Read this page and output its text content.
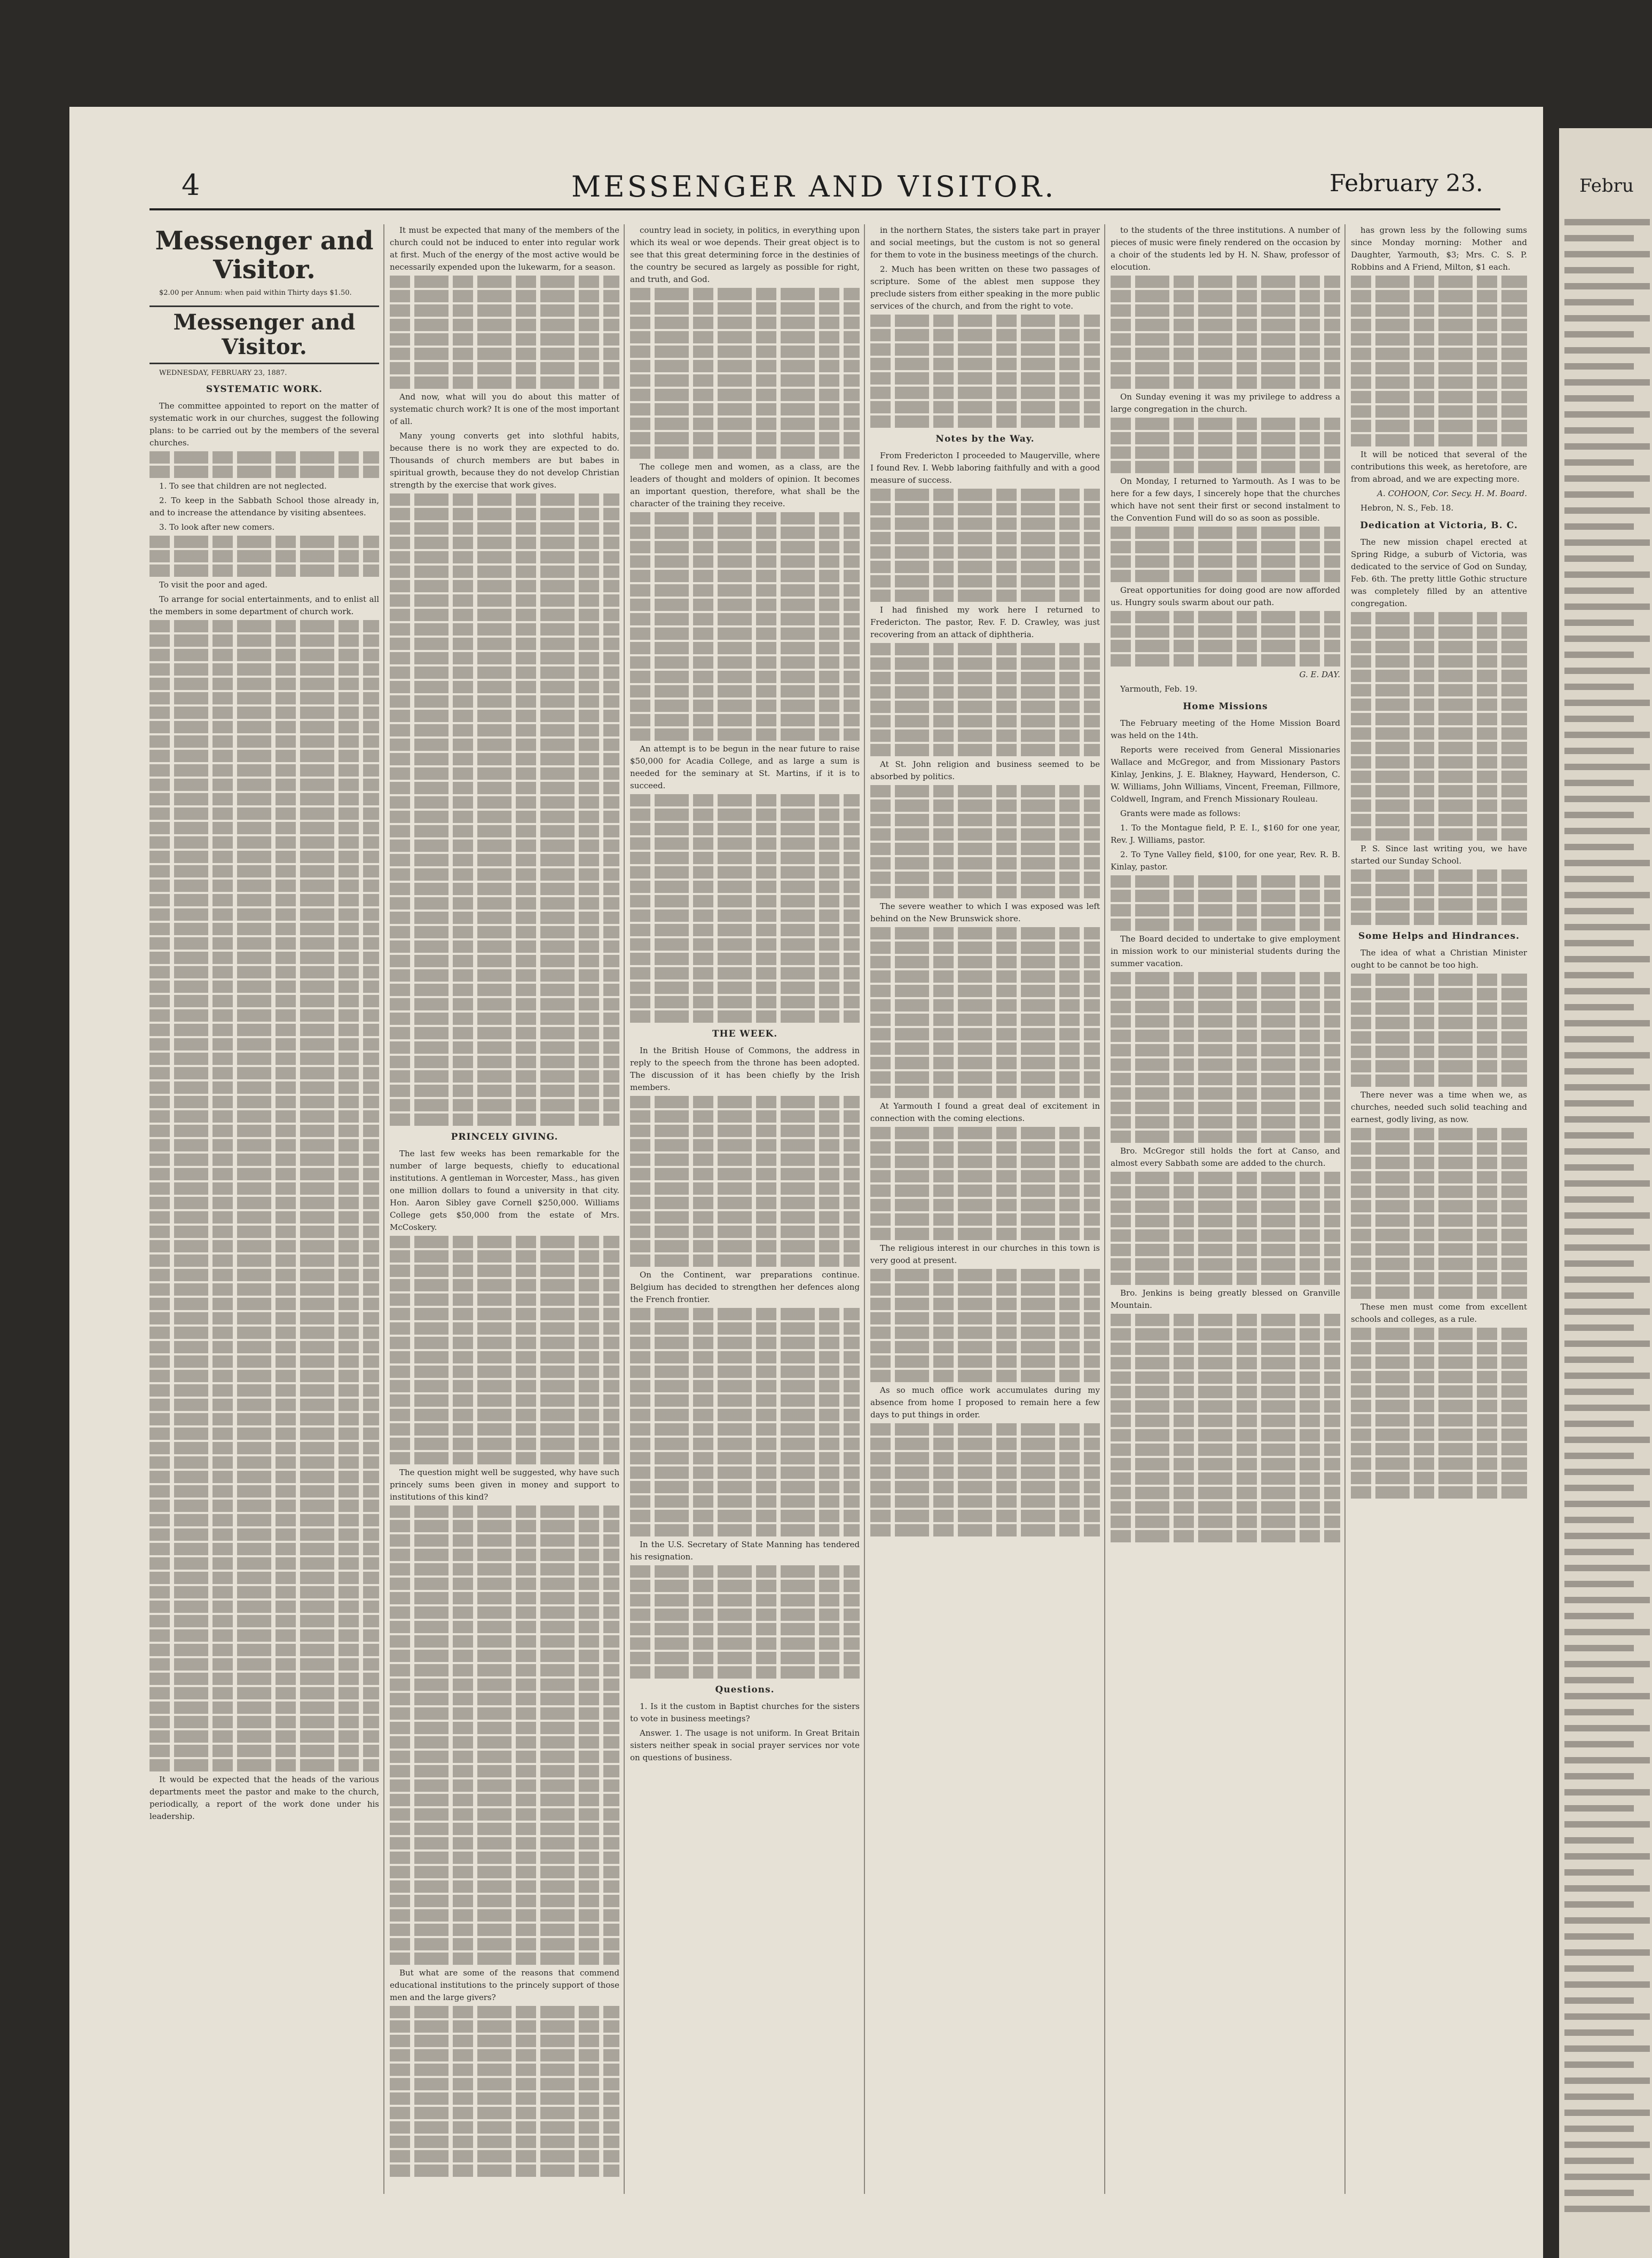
4	MESSENGER AND VISITOR.	February 23.
Messenger and Visitor.

$2.00 per Annum: when paid within Thirty days $1.50.

Messenger and Visitor.

WEDNESDAY, FEBRUARY 23, 1887.

SYSTEMATIC WORK.

The committee appointed to report on the matter of systematic work in our churches, suggest the following plans: to be carried out by the members of the several churches.

1. To see that children are not neglected.

2. To keep in the Sabbath School those already in, and to increase the attendance by visiting absentees.

3. To look after new comers.

To visit the poor and aged.

To arrange for social entertainments, and to enlist all the members in some department of church work.

It would be expected that the heads of the various departments meet the pastor and make to the church, periodically, a report of the work done under his leadership.

It must be expected that many of the members of the church could not be induced to enter into regular work at first. Much of the energy of the most active would be necessarily expended upon the lukewarm, for a season.

And now, what will you do about this matter of systematic church work? It is one of the most important of all.

Many young converts get into slothful habits, because there is no work they are expected to do. Thousands of church members are but babes in spiritual growth, because they do not develop Christian strength by the exercise that work gives.

PRINCELY GIVING.

The last few weeks has been remarkable for the number of large bequests, chiefly to educational institutions. A gentleman in Worcester, Mass., has given one million dollars to found a university in that city. Hon. Aaron Sibley gave Cornell $250,000. Williams College gets $50,000 from the estate of Mrs. McCoskery.

The question might well be suggested, why have such princely sums been given in money and support to institutions of this kind?

But what are some of the reasons that commend educational institutions to the princely support of those men and the large givers?

country lead in society, in politics, in everything upon which its weal or woe depends. Their great object is to see that this great determining force in the destinies of the country be secured as largely as possible for right, and truth, and God.

The college men and women, as a class, are the leaders of thought and molders of opinion. It becomes an important question, therefore, what shall be the character of the training they receive.

An attempt is to be begun in the near future to raise $50,000 for Acadia College, and as large a sum is needed for the seminary at St. Martins, if it is to succeed.

THE WEEK.

In the British House of Commons, the address in reply to the speech from the throne has been adopted. The discussion of it has been chiefly by the Irish members.

On the Continent, war preparations continue. Belgium has decided to strengthen her defences along the French frontier.

In the U.S. Secretary of State Manning has tendered his resignation.

Questions.

1. Is it the custom in Baptist churches for the sisters to vote in business meetings?

Answer. 1. The usage is not uniform. In Great Britain sisters neither speak in social prayer services nor vote on questions of business.

in the northern States, the sisters take part in prayer and social meetings, but the custom is not so general for them to vote in the business meetings of the church.

2. Much has been written on these two passages of scripture. Some of the ablest men suppose they preclude sisters from either speaking in the more public services of the church, and from the right to vote.

Notes by the Way.

From Fredericton I proceeded to Maugerville, where I found Rev. I. Webb laboring faithfully and with a good measure of success.

I had finished my work here I returned to Fredericton. The pastor, Rev. F. D. Crawley, was just recovering from an attack of diphtheria.

At St. John religion and business seemed to be absorbed by politics.

The severe weather to which I was exposed was left behind on the New Brunswick shore.

At Yarmouth I found a great deal of excitement in connection with the coming elections.

The religious interest in our churches in this town is very good at present.

As so much office work accumulates during my absence from home I proposed to remain here a few days to put things in order.

to the students of the three institutions. A number of pieces of music were finely rendered on the occasion by a choir of the students led by H. N. Shaw, professor of elocution.

On Sunday evening it was my privilege to address a large congregation in the church.

On Monday, I returned to Yarmouth. As I was to be here for a few days, I sincerely hope that the churches which have not sent their first or second instalment to the Convention Fund will do so as soon as possible.

Great opportunities for doing good are now afforded us. Hungry souls swarm about our path.

G. E. DAY.

Yarmouth, Feb. 19.

Home Missions

The February meeting of the Home Mission Board was held on the 14th.

Reports were received from General Missionaries Wallace and McGregor, and from Missionary Pastors Kinlay, Jenkins, J. E. Blakney, Hayward, Henderson, C. W. Williams, John Williams, Vincent, Freeman, Fillmore, Coldwell, Ingram, and French Missionary Rouleau.

Grants were made as follows:

1. To the Montague field, P. E. I., $160 for one year, Rev. J. Williams, pastor.

2. To Tyne Valley field, $100, for one year, Rev. R. B. Kinlay, pastor.

The Board decided to undertake to give employment in mission work to our ministerial students during the summer vacation.

Bro. McGregor still holds the fort at Canso, and almost every Sabbath some are added to the church.

Bro. Jenkins is being greatly blessed on Granville Mountain.

has grown less by the following sums since Monday morning: Mother and Daughter, Yarmouth, $3; Mrs. C. S. P. Robbins and A Friend, Milton, $1 each.

It will be noticed that several of the contributions this week, as heretofore, are from abroad, and we are expecting more.

A. COHOON, Cor. Secy. H. M. Board.

Hebron, N. S., Feb. 18.

Dedication at Victoria, B. C.

The new mission chapel erected at Spring Ridge, a suburb of Victoria, was dedicated to the service of God on Sunday, Feb. 6th. The pretty little Gothic structure was completely filled by an attentive congregation.

P. S. Since last writing you, we have started our Sunday School.

Some Helps and Hindrances.

The idea of what a Christian Minister ought to be cannot be too high.

There never was a time when we, as churches, needed such solid teaching and earnest, godly living, as now.

These men must come from excellent schools and colleges, as a rule.

Febru
